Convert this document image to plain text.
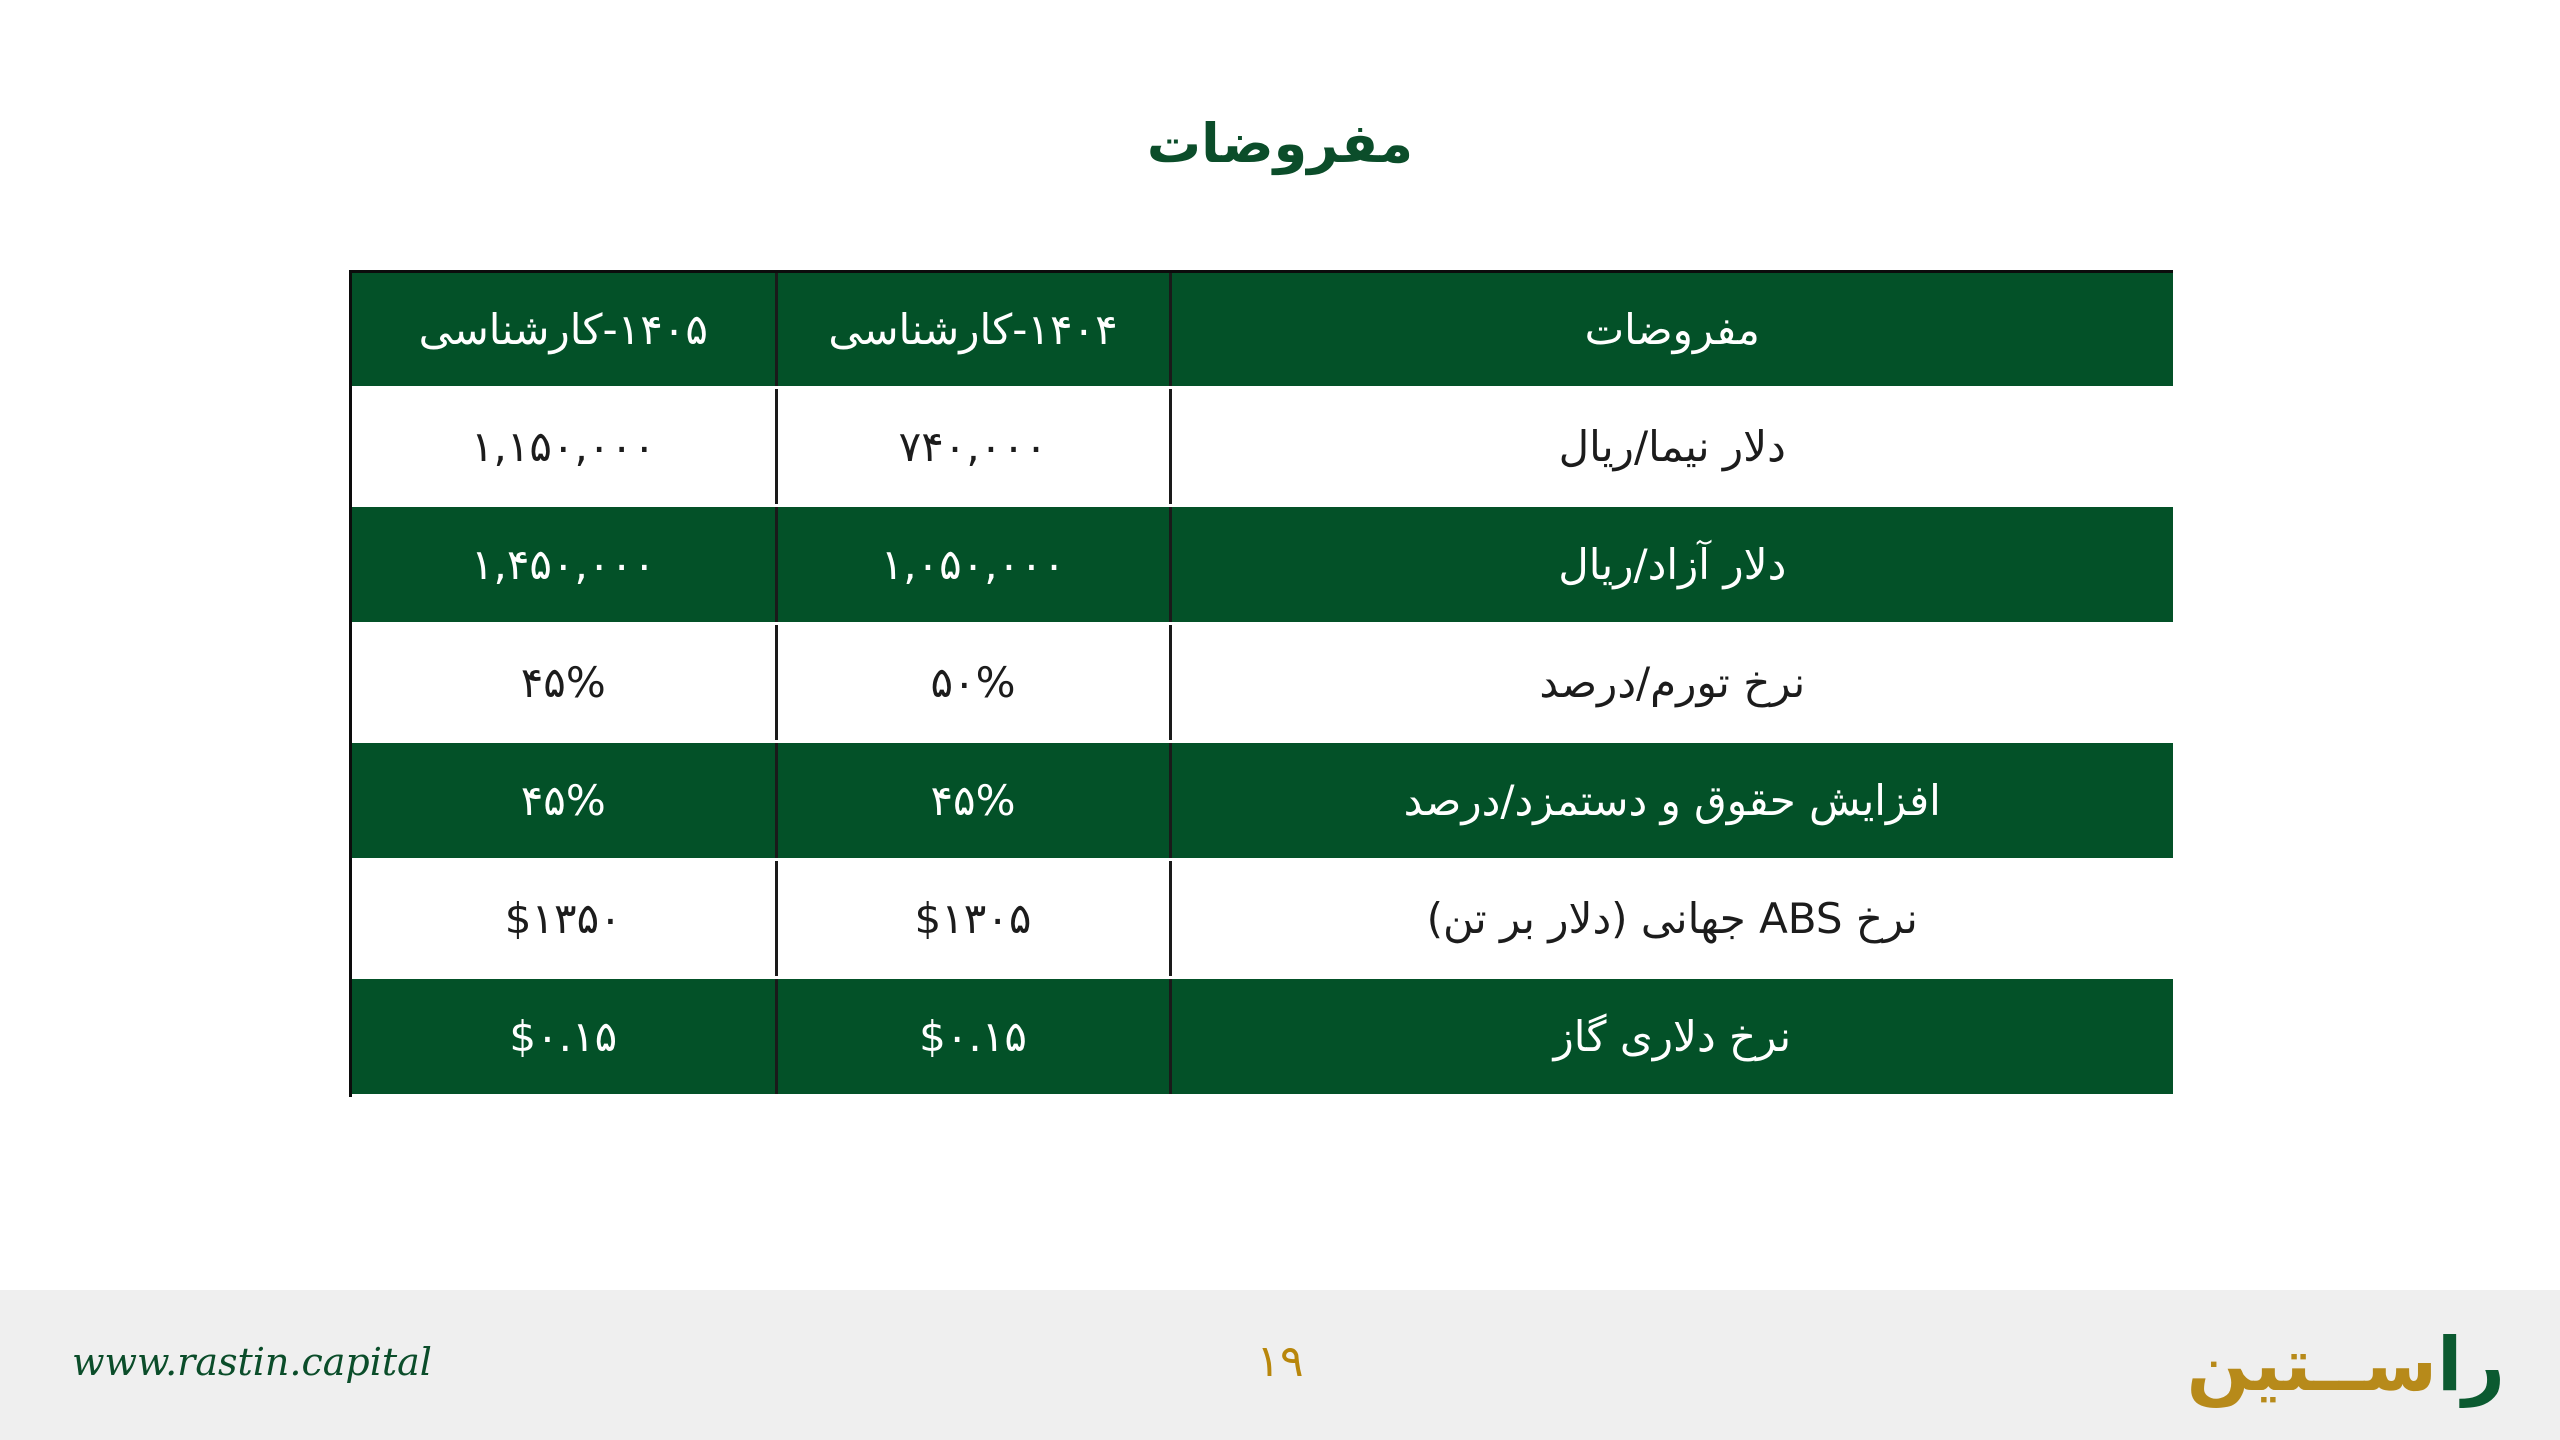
مفروضات
۱۴۰۵-کارشناسی	۱۴۰۴-کارشناسی	مفروضات
۱,۱۵۰,۰۰۰	۷۴۰,۰۰۰	دلار نیما/ریال
۱,۴۵۰,۰۰۰	۱,۰۵۰,۰۰۰	دلار آزاد/ریال
۴۵%	۵۰%	نرخ تورم/درصد
۴۵%	۴۵%	افزایش حقوق و دستمزد/درصد
$۱۳۵۰	$۱۳۰۵	نرخ ABS جهانی (دلار بر تن)
$۰.۱۵	$۰.۱۵	نرخ دلاری گاز
www.rastin.capital	۱۹	راســتین
